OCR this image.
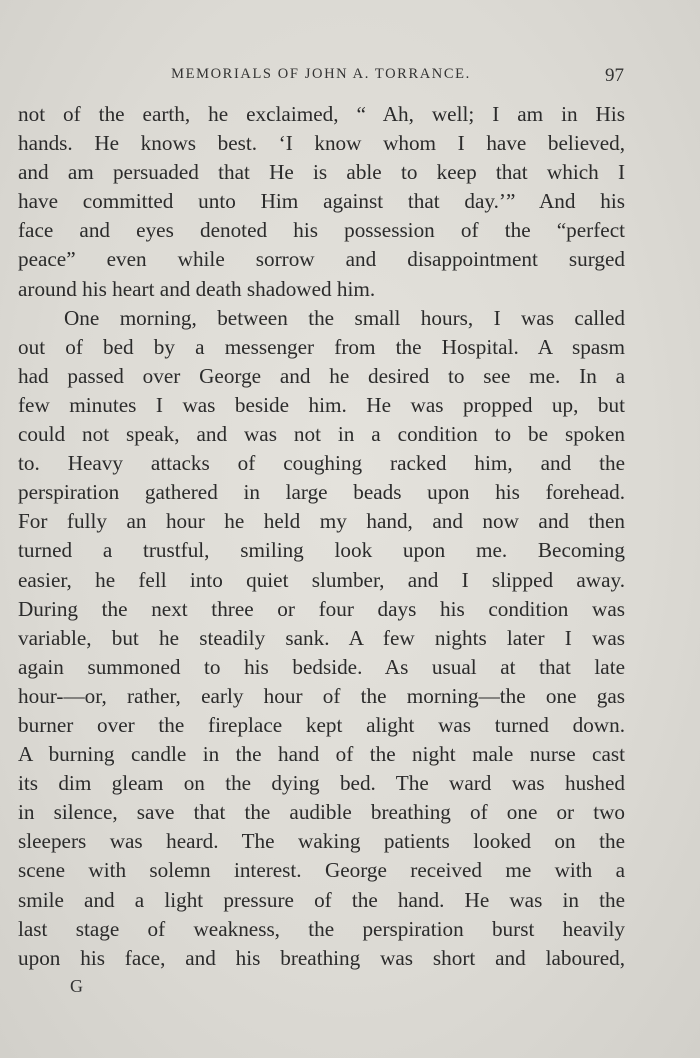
MEMORIALS OF JOHN A. TORRANCE.	97
not of the earth, he exclaimed, “ Ah, well; I am in His
hands. He knows best. ‘I know whom I have believed,
and am persuaded that He is able to keep that which I
have committed unto Him against that day.’” And his
face and eyes denoted his possession of the “perfect
peace” even while sorrow and disappointment surged
around his heart and death shadowed him.
One morning, between the small hours, I was called
out of bed by a messenger from the Hospital. A spasm
had passed over George and he desired to see me. In a
few minutes I was beside him. He was propped up, but
could not speak, and was not in a condition to be spoken
to. Heavy attacks of coughing racked him, and the
perspiration gathered in large beads upon his forehead.
For fully an hour he held my hand, and now and then
turned a trustful, smiling look upon me. Becoming
easier, he fell into quiet slumber, and I slipped away.
During the next three or four days his condition was
variable, but he steadily sank. A few nights later I was
again summoned to his bedside. As usual at that late
hour-—or, rather, early hour of the morning—the one gas
burner over the fireplace kept alight was turned down.
A burning candle in the hand of the night male nurse cast
its dim gleam on the dying bed. The ward was hushed
in silence, save that the audible breathing of one or two
sleepers was heard. The waking patients looked on the
scene with solemn interest. George received me with a
smile and a light pressure of the hand. He was in the
last stage of weakness, the perspiration burst heavily
upon his face, and his breathing was short and laboured,
G
